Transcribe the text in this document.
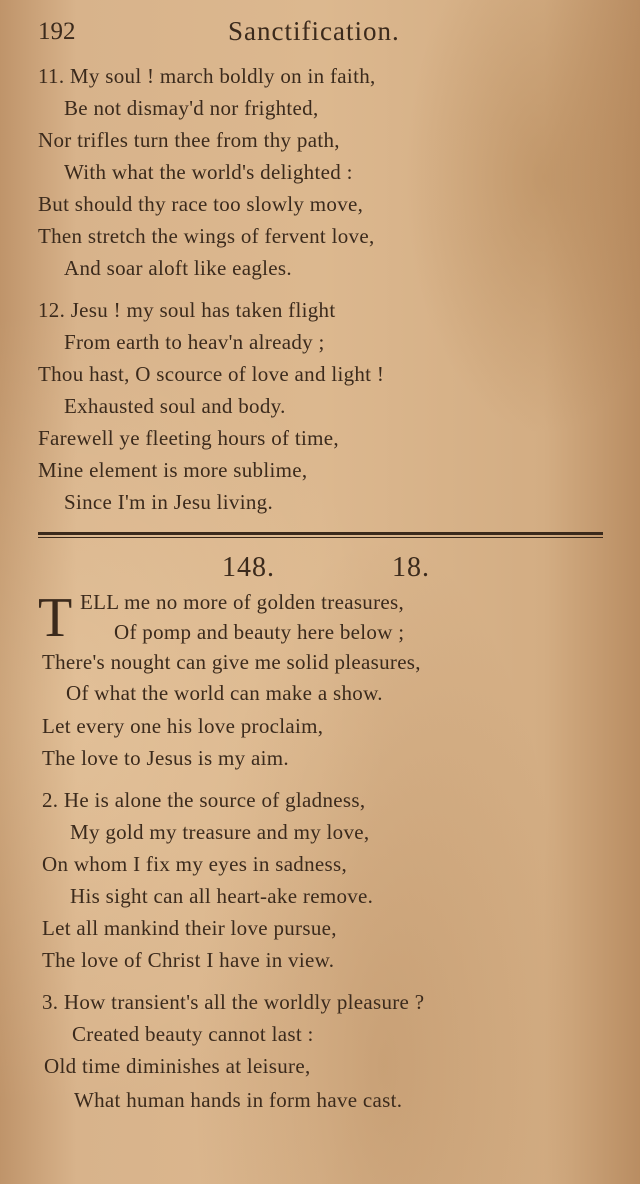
192	Sanctification.
11. My soul ! march boldly on in faith,
Be not dismay'd nor frighted,
Nor trifles turn thee from thy path,
With what the world's delighted :
But should thy race too slowly move,
Then stretch the wings of fervent love,
And soar aloft like eagles.
12. Jesu ! my soul has taken flight
From earth to heav'n already ;
Thou hast, O scource of love and light !
Exhausted soul and body.
Farewell ye fleeting hours of time,
Mine element is more sublime,
Since I'm in Jesu living.
148.	18.
T ELL me no more of golden treasures,
Of pomp and beauty here below ;
There's nought can give me solid pleasures,
Of what the world can make a show.
Let every one his love proclaim,
The love to Jesus is my aim.
2. He is alone the source of gladness,
My gold my treasure and my love,
On whom I fix my eyes in sadness,
His sight can all heart-ake remove.
Let all mankind their love pursue,
The love of Christ I have in view.
3. How transient's all the worldly pleasure ?
Created beauty cannot last :
Old time diminishes at leisure,
What human hands in form have cast.
